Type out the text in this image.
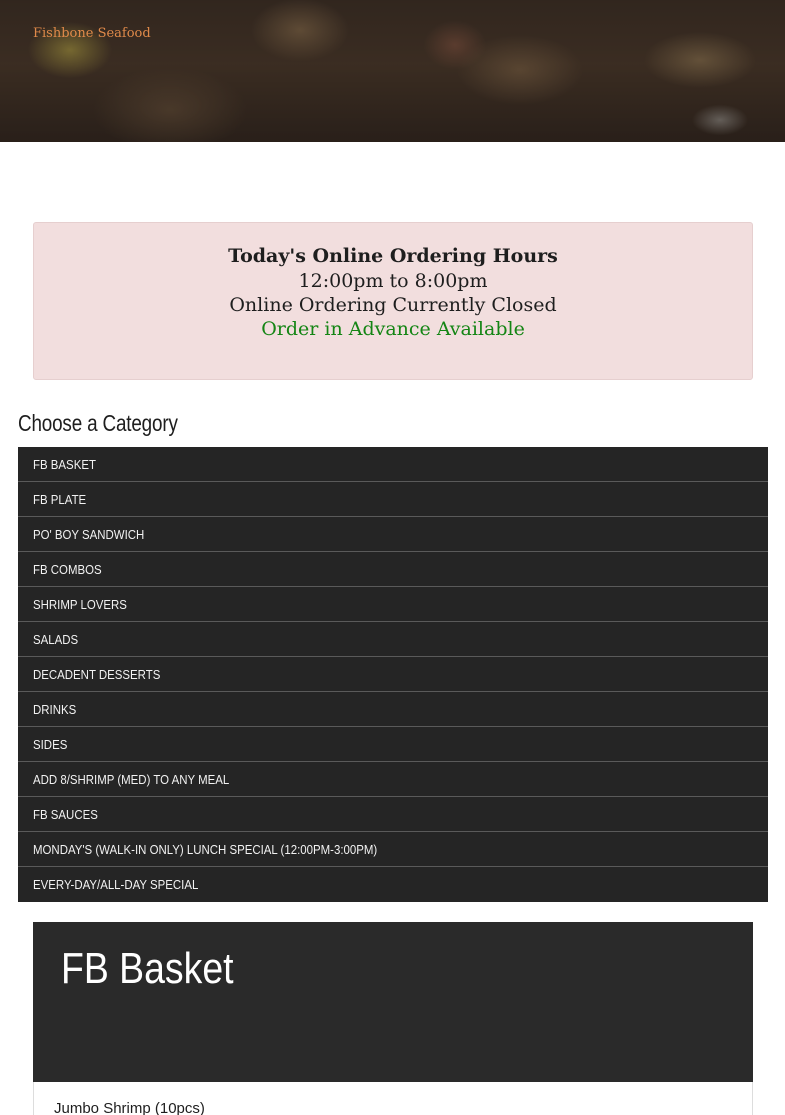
Fishbone Seafood
Today's Online Ordering Hours
12:00pm to 8:00pm
Online Ordering Currently Closed
Order in Advance Available
Choose a Category
FB BASKET
FB PLATE
PO' BOY SANDWICH
FB COMBOS
SHRIMP LOVERS
SALADS
DECADENT DESSERTS
DRINKS
SIDES
ADD 8/SHRIMP (MED) TO ANY MEAL
FB SAUCES
MONDAY'S (WALK-IN ONLY) LUNCH SPECIAL (12:00PM-3:00PM)
EVERY-DAY/ALL-DAY SPECIAL
FB Basket
Jumbo Shrimp (10pcs)
